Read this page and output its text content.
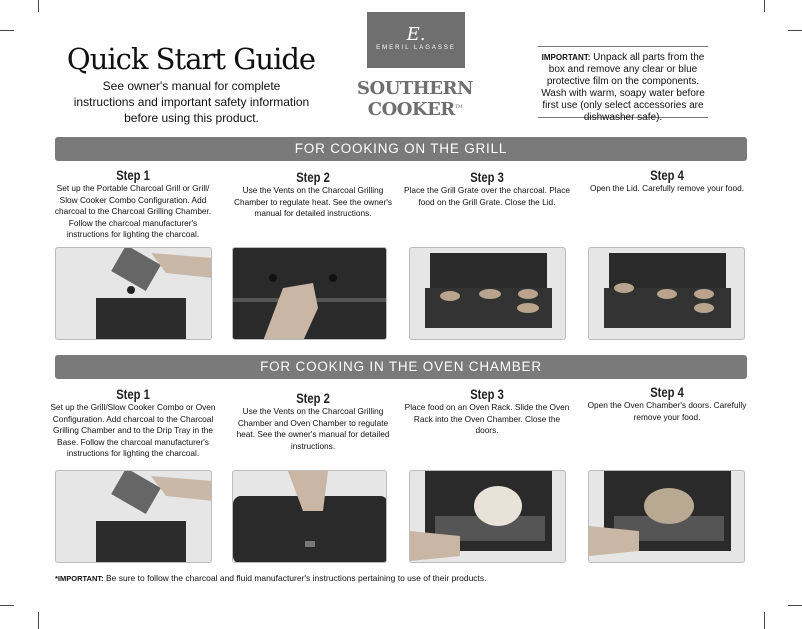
Quick Start Guide
See owner's manual for complete
instructions and important safety information
before using this product.
E.
EMERIL LAGASSE
SOUTHERN
COOKER™
IMPORTANT: Unpack all parts from the box and remove any clear or blue protective film on the components. Wash with warm, soapy water before first use (only select accessories are dishwasher safe).
FOR COOKING ON THE GRILL
Step 1

Set up the Portable Charcoal Grill or Grill/ Slow Cooker Combo Configuration. Add charcoal to the Charcoal Grilling Chamber. Follow the charcoal manufacturer's instructions for lighting the charcoal.

Step 2

Use the Vents on the Charcoal Grilling Chamber to regulate heat. See the owner's manual for detailed instructions.

Step 3

Place the Grill Grate over the charcoal. Place food on the Grill Grate. Close the Lid.

Step 4

Open the Lid. Carefully remove your food.

FOR COOKING IN THE OVEN CHAMBER
Step 1

Set up the Grill/Slow Cooker Combo or Oven Configuration. Add charcoal to the Charcoal Grilling Chamber and to the Drip Tray in the Base. Follow the charcoal manufacturer's instructions for lighting the charcoal.

Step 2

Use the Vents on the Charcoal Grilling Chamber and Oven Chamber to regulate heat. See the owner's manual for detailed instructions.

Step 3

Place food on an Oven Rack. Slide the Oven Rack into the Oven Chamber. Close the doors.

Step 4

Open the Oven Chamber's doors. Carefully remove your food.

*IMPORTANT: Be sure to follow the charcoal and fluid manufacturer's instructions pertaining to use of their products.
